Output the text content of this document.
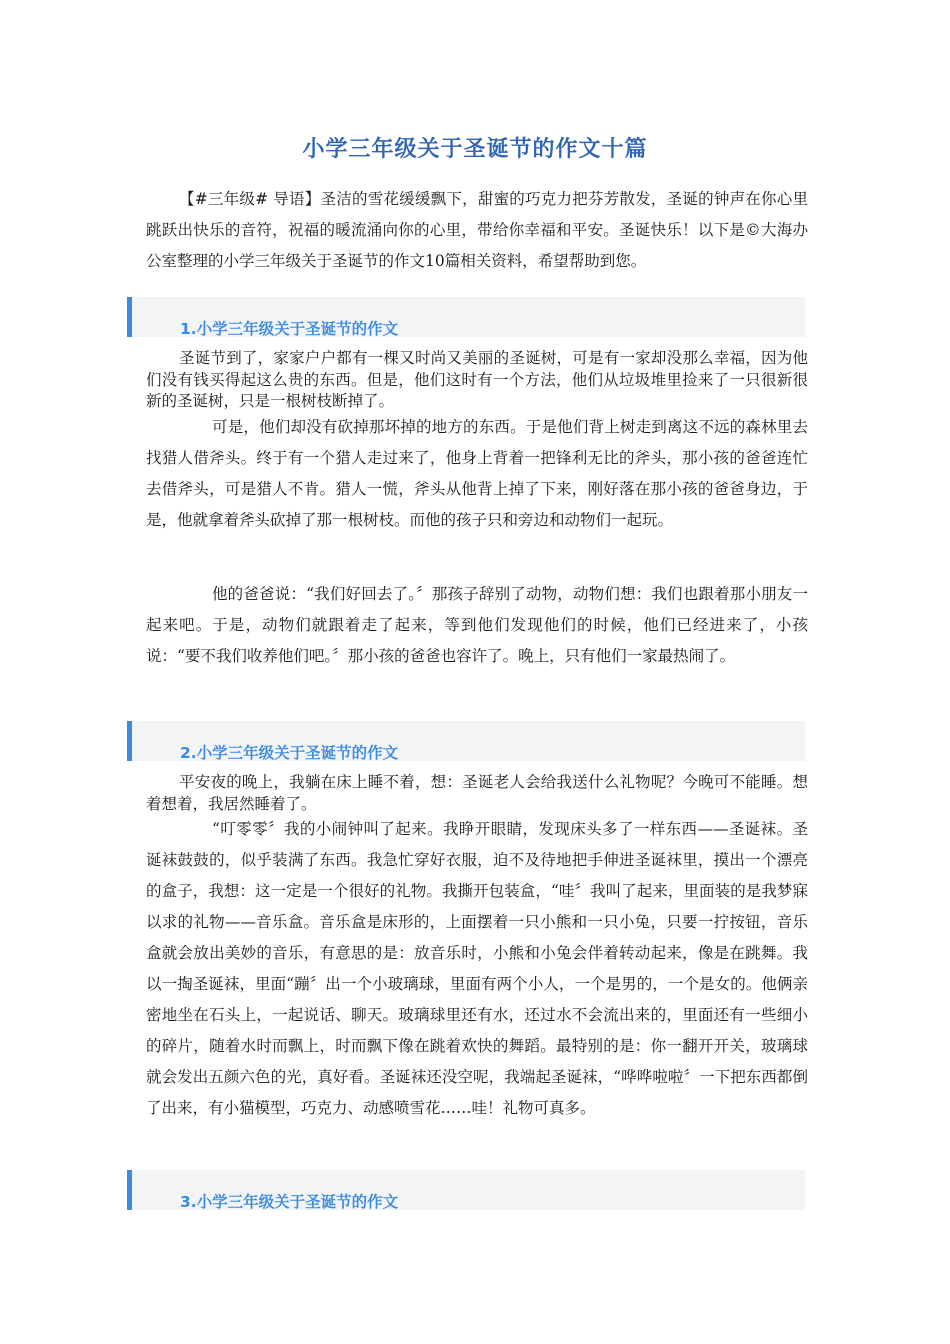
小学三年级关于圣诞节的作文十篇

【#三年级# 导语】圣洁的雪花缓缓飘下，甜蜜的巧克力把芬芳散发，圣诞的钟声在你心里跳跃出快乐的音符，祝福的暖流涌向你的心里，带给你幸福和平安。圣诞快乐！以下是©大海办公室整理的小学三年级关于圣诞节的作文10篇相关资料，希望帮助到您。

1.小学三年级关于圣诞节的作文

圣诞节到了，家家户户都有一棵又时尚又美丽的圣诞树，可是有一家却没那么幸福，因为他们没有钱买得起这么贵的东西。但是，他们这时有一个方法，他们从垃圾堆里捡来了一只很新很新的圣诞树，只是一根树枝断掉了。

可是，他们却没有砍掉那坏掉的地方的东西。于是他们背上树走到离这不远的森林里去找猎人借斧头。终于有一个猎人走过来了，他身上背着一把锋利无比的斧头，那小孩的爸爸连忙去借斧头，可是猎人不肯。猎人一慌，斧头从他背上掉了下来，刚好落在那小孩的爸爸身边，于是，他就拿着斧头砍掉了那一根树枝。而他的孩子只和旁边和动物们一起玩。

他的爸爸说：“我们好回去了。〞那孩子辞别了动物，动物们想：我们也跟着那小朋友一起来吧。于是，动物们就跟着走了起来，等到他们发现他们的时候，他们已经进来了，小孩说：“要不我们收养他们吧。〞那小孩的爸爸也容许了。晚上，只有他们一家最热闹了。

2.小学三年级关于圣诞节的作文

平安夜的晚上，我躺在床上睡不着，想：圣诞老人会给我送什么礼物呢？今晚可不能睡。想着想着，我居然睡着了。

“叮零零〞我的小闹钟叫了起来。我睁开眼睛，发现床头多了一样东西——圣诞袜。圣诞袜鼓鼓的，似乎装满了东西。我急忙穿好衣服，迫不及待地把手伸进圣诞袜里，摸出一个漂亮的盒子，我想：这一定是一个很好的礼物。我撕开包装盒，“哇〞我叫了起来，里面装的是我梦寐以求的礼物——音乐盒。音乐盒是床形的，上面摆着一只小熊和一只小兔，只要一拧按钮，音乐盒就会放出美妙的音乐，有意思的是：放音乐时，小熊和小兔会伴着转动起来，像是在跳舞。我以一掏圣诞袜，里面“蹦〞出一个小玻璃球，里面有两个小人，一个是男的，一个是女的。他俩亲密地坐在石头上，一起说话、聊天。玻璃球里还有水，还过水不会流出来的，里面还有一些细小的碎片，随着水时而飘上，时而飘下像在跳着欢快的舞蹈。最特别的是：你一翻开开关，玻璃球就会发出五颜六色的光，真好看。圣诞袜还没空呢，我端起圣诞袜，“哗哗啦啦〞一下把东西都倒了出来，有小猫模型，巧克力、动感喷雪花……哇！礼物可真多。

3.小学三年级关于圣诞节的作文
